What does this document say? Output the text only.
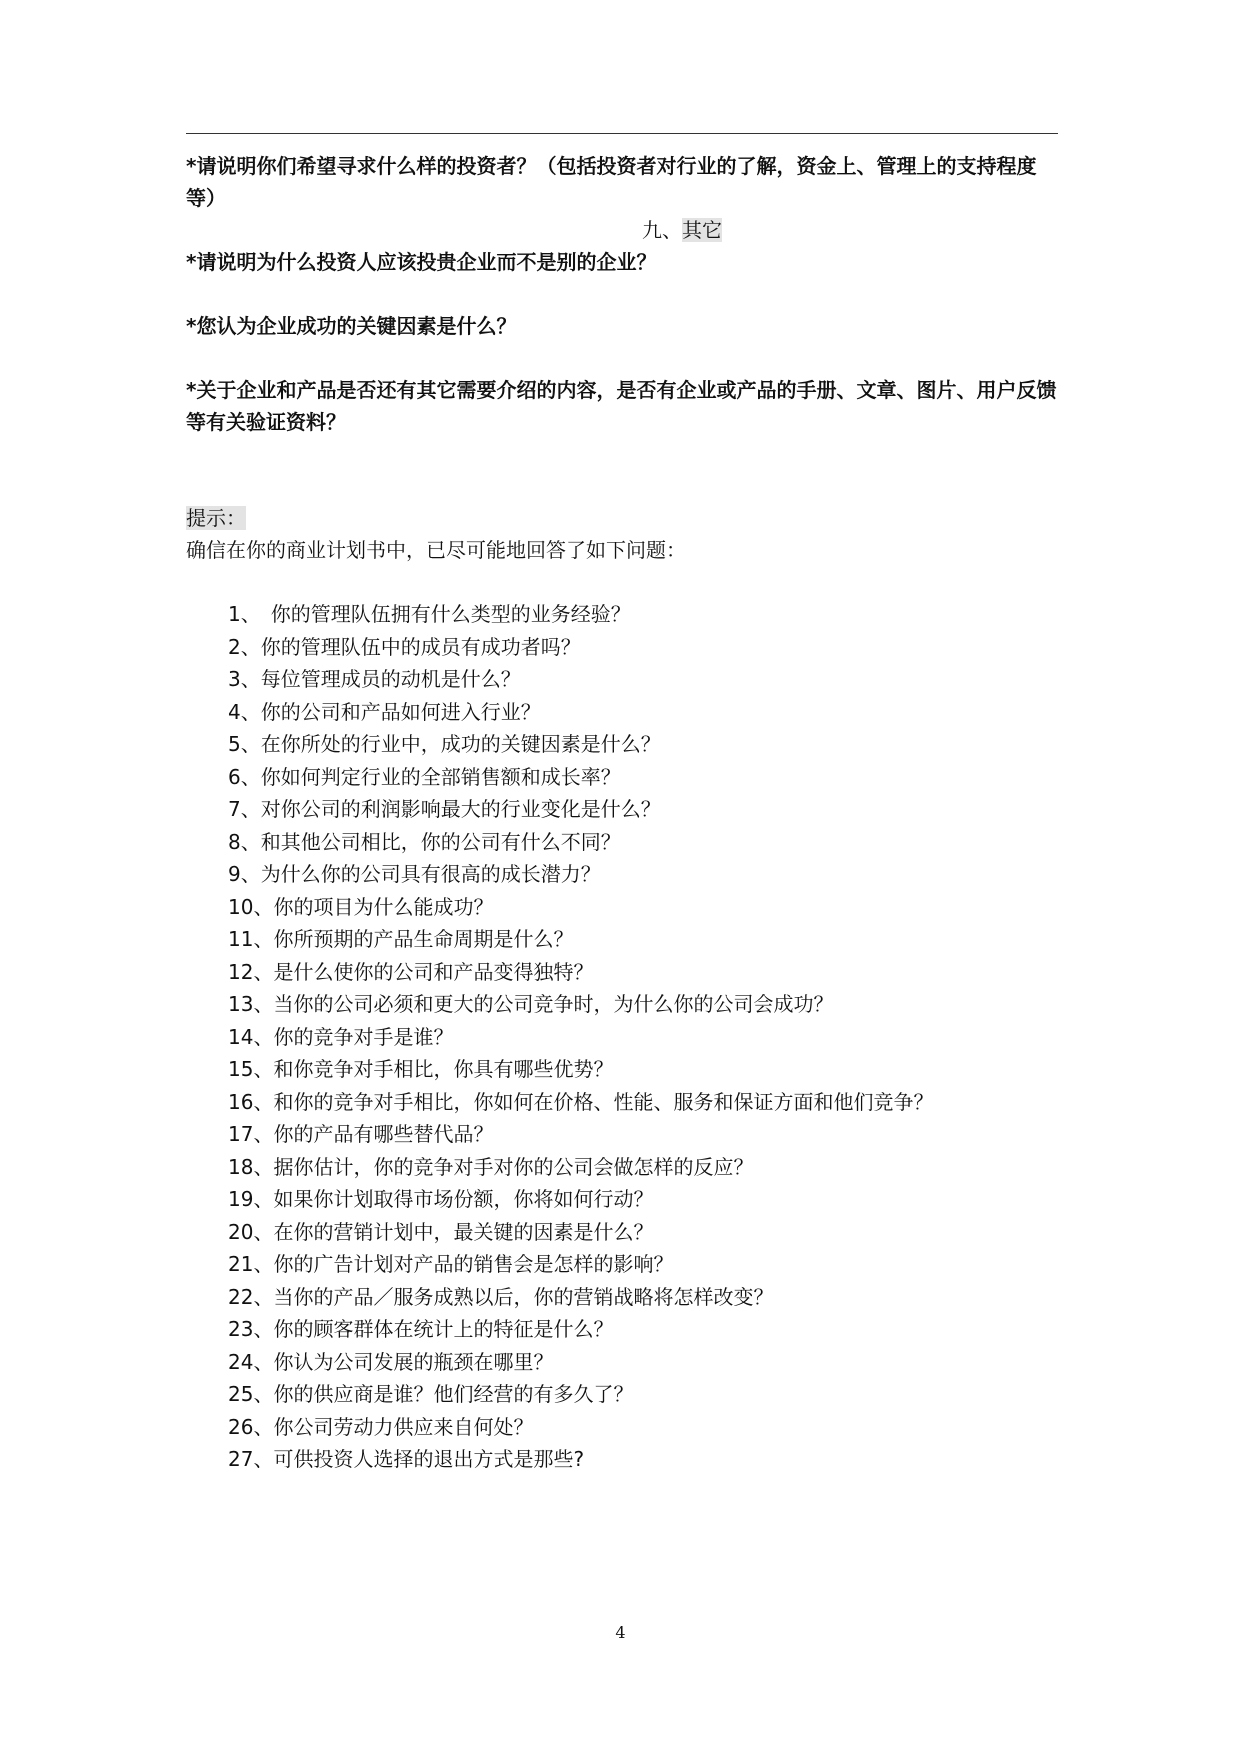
*请说明你们希望寻求什么样的投资者？（包括投资者对行业的了解，资金上、管理上的支持程度等）

九、其它

*请说明为什么投资人应该投贵企业而不是别的企业？

*您认为企业成功的关键因素是什么？

*关于企业和产品是否还有其它需要介绍的内容，是否有企业或产品的手册、文章、图片、用户反馈等有关验证资料？

提示：

确信在你的商业计划书中，已尽可能地回答了如下问题：

1、　你的管理队伍拥有什么类型的业务经验？
2、你的管理队伍中的成员有成功者吗？
3、每位管理成员的动机是什么？
4、你的公司和产品如何进入行业？
5、在你所处的行业中，成功的关键因素是什么？
6、你如何判定行业的全部销售额和成长率？
7、对你公司的利润影响最大的行业变化是什么？
8、和其他公司相比，你的公司有什么不同？
9、为什么你的公司具有很高的成长潜力？
10、你的项目为什么能成功？
11、你所预期的产品生命周期是什么？
12、是什么使你的公司和产品变得独特？
13、当你的公司必须和更大的公司竞争时，为什么你的公司会成功？
14、你的竞争对手是谁？
15、和你竞争对手相比，你具有哪些优势？
16、和你的竞争对手相比，你如何在价格、性能、服务和保证方面和他们竞争？
17、你的产品有哪些替代品？
18、据你估计，你的竞争对手对你的公司会做怎样的反应？
19、如果你计划取得市场份额，你将如何行动？
20、在你的营销计划中，最关键的因素是什么？
21、你的广告计划对产品的销售会是怎样的影响？
22、当你的产品／服务成熟以后，你的营销战略将怎样改变？
23、你的顾客群体在统计上的特征是什么？
24、你认为公司发展的瓶颈在哪里？
25、你的供应商是谁？他们经营的有多久了？
26、你公司劳动力供应来自何处？
27、可供投资人选择的退出方式是那些?
4
